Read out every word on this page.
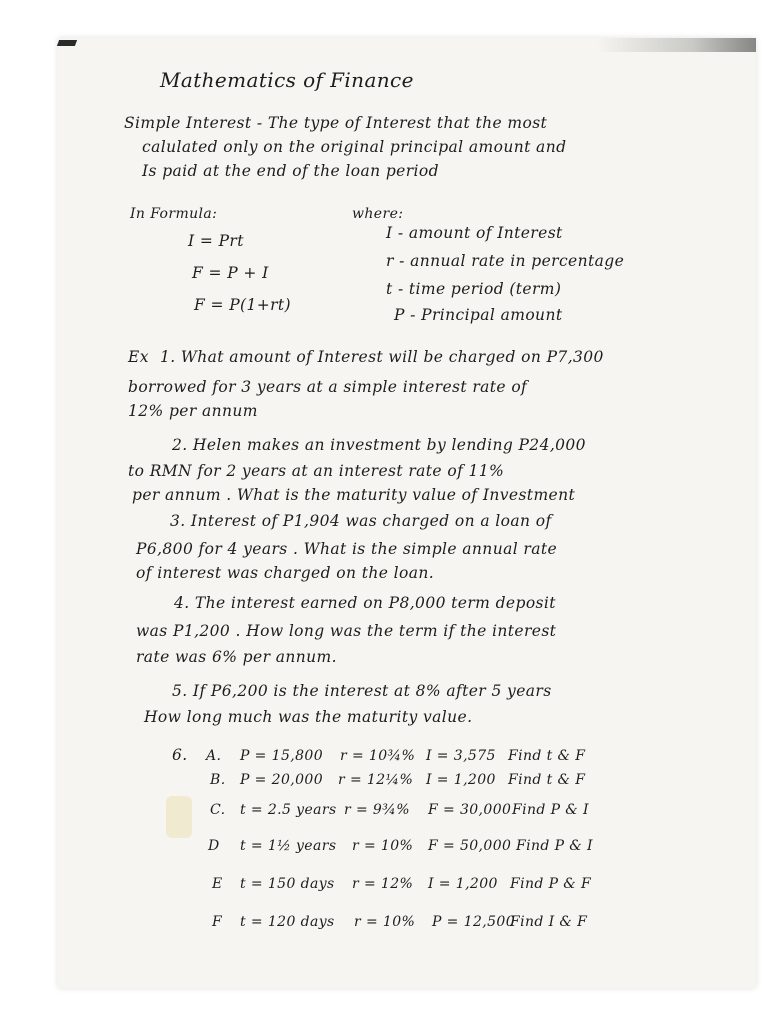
Mathematics of Finance
Simple Interest - The type of Interest that the most
calulated only on the original principal amount and
Is paid at the end of the loan period
In Formula:	where:
I = Prt
F = P + I
F = P(1+rt)
I - amount of Interest
r - annual rate in percentage
t - time period (term)
P - Principal amount
Ex 1. What amount of Interest will be charged on P7,300
borrowed for 3 years at a simple interest rate of
12% per annum
2. Helen makes an investment by lending P24,000
to RMN for 2 years at an interest rate of 11%
per annum . What is the maturity value of Investment
3. Interest of P1,904 was charged on a loan of
P6,800 for 4 years . What is the simple annual rate
of interest was charged on the loan.
4. The interest earned on P8,000 term deposit
was P1,200 . How long was the term if the interest
rate was 6% per annum.
5. If P6,200 is the interest at 8% after 5 years
How long much was the maturity value.
6. A. P = 15,800 r = 10¾% I = 3,575 Find t & F
B. P = 20,000 r = 12¼% I = 1,200 Find t & F
C. t = 2.5 years r = 9¾% F = 30,000 Find P & I
D t = 1½ years r = 10% F = 50,000 Find P & I
E t = 150 days r = 12% I = 1,200 Find P & F
F t = 120 days r = 10% P = 12,500
Find I & F
